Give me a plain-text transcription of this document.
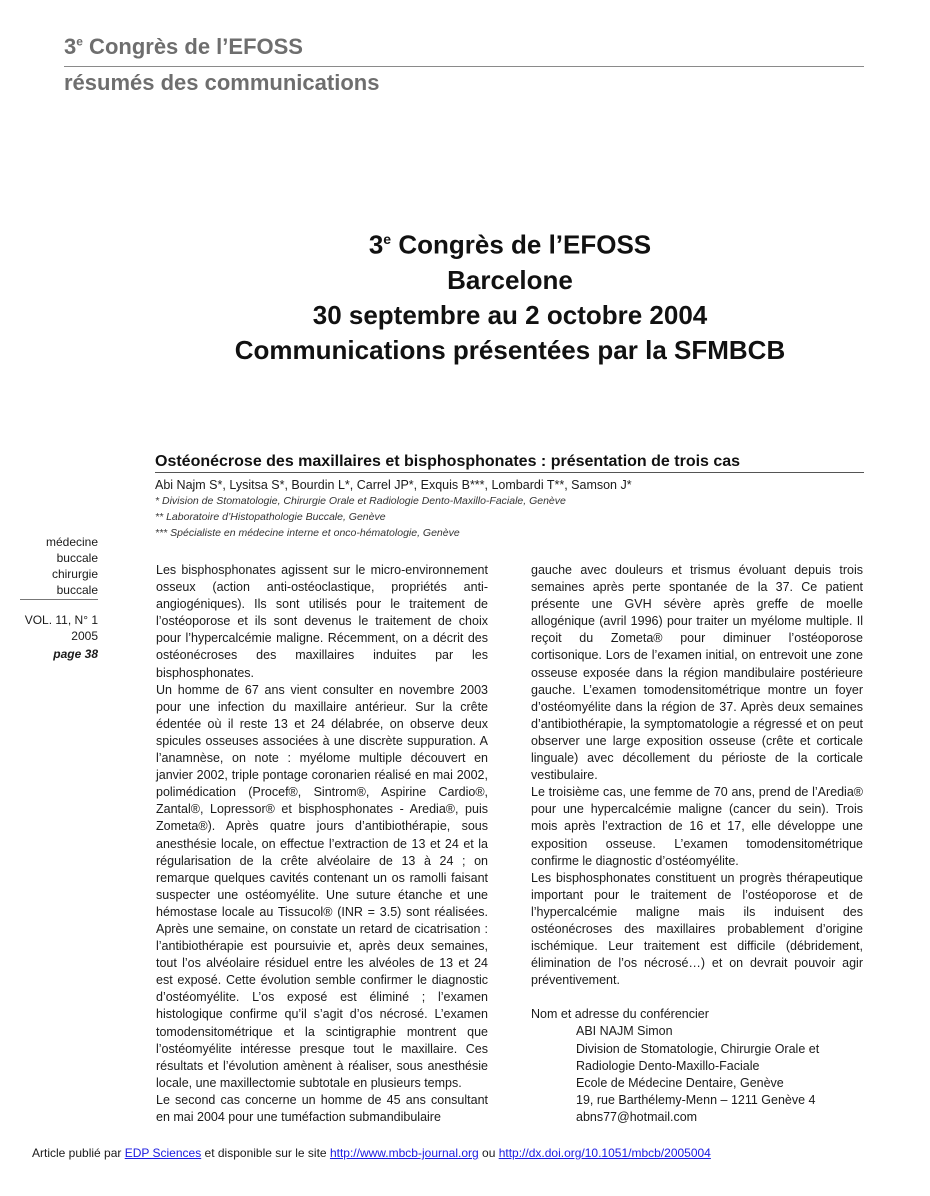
3e Congrès de l’EFOSS
résumés des communications
3e Congrès de l’EFOSS
Barcelone
30 septembre au 2 octobre 2004
Communications présentées par la SFMBCB
Ostéonécrose des maxillaires et bisphosphonates : présentation de trois cas
Abi Najm S*, Lysitsa S*, Bourdin L*, Carrel JP*, Exquis B***, Lombardi T**, Samson J*
* Division de Stomatologie, Chirurgie Orale et Radiologie Dento-Maxillo-Faciale, Genève
** Laboratoire d’Histopathologie Buccale, Genève
*** Spécialiste en médecine interne et onco-hématologie, Genève
médecine
buccale
chirurgie
buccale
VOL. 11, N° 1
2005
page 38

Les bisphosphonates agissent sur le micro-environnement osseux (action anti-ostéoclastique, propriétés anti-angiogéniques). Ils sont utilisés pour le traitement de l’ostéoporose et ils sont devenus le traitement de choix pour l’hypercalcémie maligne. Récemment, on a décrit des ostéonécroses des maxillaires induites par les bisphosphonates.

Un homme de 67 ans vient consulter en novembre 2003 pour une infection du maxillaire antérieur. Sur la crête édentée où il reste 13 et 24 délabrée, on observe deux spicules osseuses associées à une discrète suppuration. A l’anamnèse, on note : myélome multiple découvert en janvier 2002, triple pontage coronarien réalisé en mai 2002, polimédication (Procef®, Sintrom®, Aspirine Cardio®, Zantal®, Lopressor® et bisphosphonates - Aredia®, puis Zometa®). Après quatre jours d’antibiothérapie, sous anesthésie locale, on effectue l’extraction de 13 et 24 et la régularisation de la crête alvéolaire de 13 à 24 ; on remarque quelques cavités contenant un os ramolli faisant suspecter une ostéomyélite. Une suture étanche et une hémostase locale au Tissucol® (INR = 3.5) sont réalisées. Après une semaine, on constate un retard de cicatrisation : l’antibiothérapie est poursuivie et, après deux semaines, tout l’os alvéolaire résiduel entre les alvéoles de 13 et 24 est exposé. Cette évolution semble confirmer le diagnostic d’ostéomyélite. L’os exposé est éliminé ; l’examen histologique confirme qu’il s’agit d’os nécrosé. L’examen tomodensitométrique et la scintigraphie montrent que l’ostéomyélite intéresse presque tout le maxillaire. Ces résultats et l’évolution amènent à réaliser, sous anesthésie locale, une maxillectomie subtotale en plusieurs temps.

Le second cas concerne un homme de 45 ans consultant en mai 2004 pour une tuméfaction submandibulaire

gauche avec douleurs et trismus évoluant depuis trois semaines après perte spontanée de la 37. Ce patient présente une GVH sévère après greffe de moelle allogénique (avril 1996) pour traiter un myélome multiple. Il reçoit du Zometa® pour diminuer l’ostéoporose cortisonique. Lors de l’examen initial, on entrevoit une zone osseuse exposée dans la région mandibulaire postérieure gauche. L’examen tomodensitométrique montre un foyer d’ostéomyélite dans la région de 37. Après deux semaines d’antibiothérapie, la symptomatologie a régressé et on peut observer une large exposition osseuse (crête et corticale linguale) avec décollement du périoste de la corticale vestibulaire.

Le troisième cas, une femme de 70 ans, prend de l’Aredia® pour une hypercalcémie maligne (cancer du sein). Trois mois après l’extraction de 16 et 17, elle développe une exposition osseuse. L’examen tomodensitométrique confirme le diagnostic d’ostéomyélite.

Les bisphosphonates constituent un progrès thérapeutique important pour le traitement de l’ostéoporose et de l’hypercalcémie maligne mais ils induisent des ostéonécroses des maxillaires probablement d’origine ischémique. Leur traitement est difficile (débridement, élimination de l’os nécrosé…) et on devrait pouvoir agir préventivement.

Nom et adresse du conférencier

ABI NAJM Simon

Division de Stomatologie, Chirurgie Orale et

Radiologie Dento-Maxillo-Faciale

Ecole de Médecine Dentaire, Genève

19, rue Barthélemy-Menn – 1211 Genève 4

abns77@hotmail.com

Article publié par EDP Sciences et disponible sur le site http://www.mbcb-journal.org ou http://dx.doi.org/10.1051/mbcb/2005004
